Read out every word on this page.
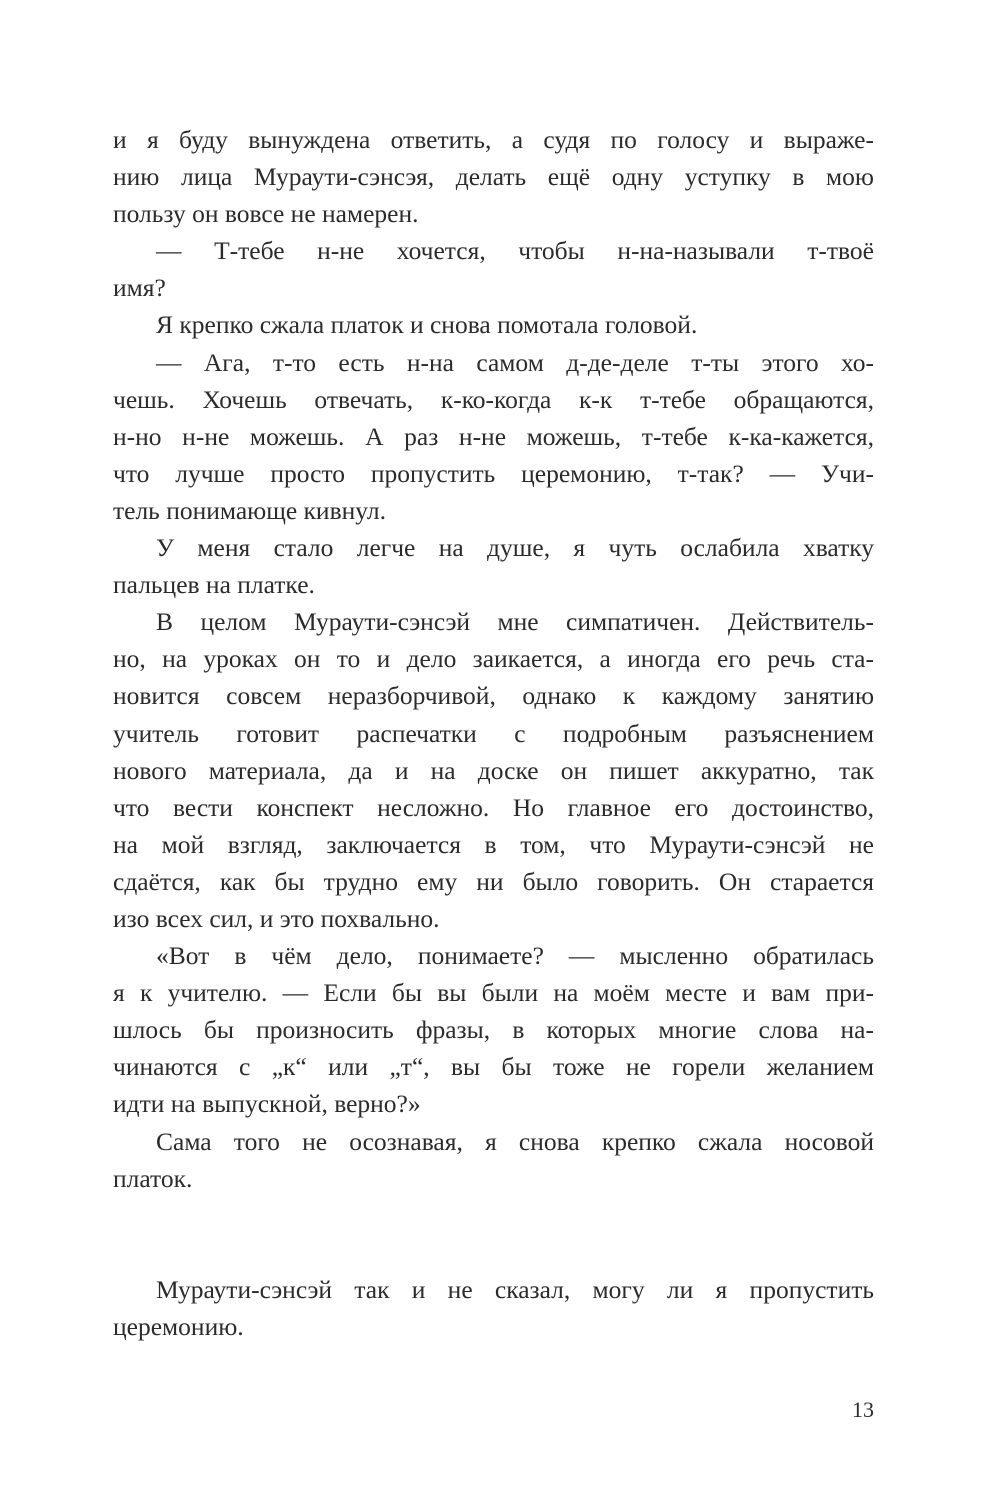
и я буду вынуждена ответить, а судя по голосу и выраже-
нию лица Мураути-сэнсэя, делать ещё одну уступку в мою
пользу он вовсе не намерен.
— Т-тебе н-не хочется, чтобы н-на-называли т-твоё
имя?
Я крепко сжала платок и снова помотала головой.
— Ага, т-то есть н-на самом д-де-деле т-ты этого хо-
чешь. Хочешь отвечать, к-ко-когда к-к т-тебе обращаются,
н-но н-не можешь. А раз н-не можешь, т-тебе к-ка-кажется,
что лучше просто пропустить церемонию, т-так? — Учи-
тель понимающе кивнул.
У меня стало легче на душе, я чуть ослабила хватку
пальцев на платке.
В целом Мураути-сэнсэй мне симпатичен. Действитель-
но, на уроках он то и дело заикается, а иногда его речь ста-
новится совсем неразборчивой, однако к каждому занятию
учитель готовит распечатки с подробным разъяснением
нового материала, да и на доске он пишет аккуратно, так
что вести конспект несложно. Но главное его достоинство,
на мой взгляд, заключается в том, что Мураути-сэнсэй не
сдаётся, как бы трудно ему ни было говорить. Он старается
изо всех сил, и это похвально.
«Вот в чём дело, понимаете? — мысленно обратилась
я к учителю. — Если бы вы были на моём месте и вам при-
шлось бы произносить фразы, в которых многие слова на-
чинаются с „к“ или „т“, вы бы тоже не горели желанием
идти на выпускной, верно?»
Сама того не осознавая, я снова крепко сжала носовой
платок.
Мураути-сэнсэй так и не сказал, могу ли я пропустить
церемонию.
13
